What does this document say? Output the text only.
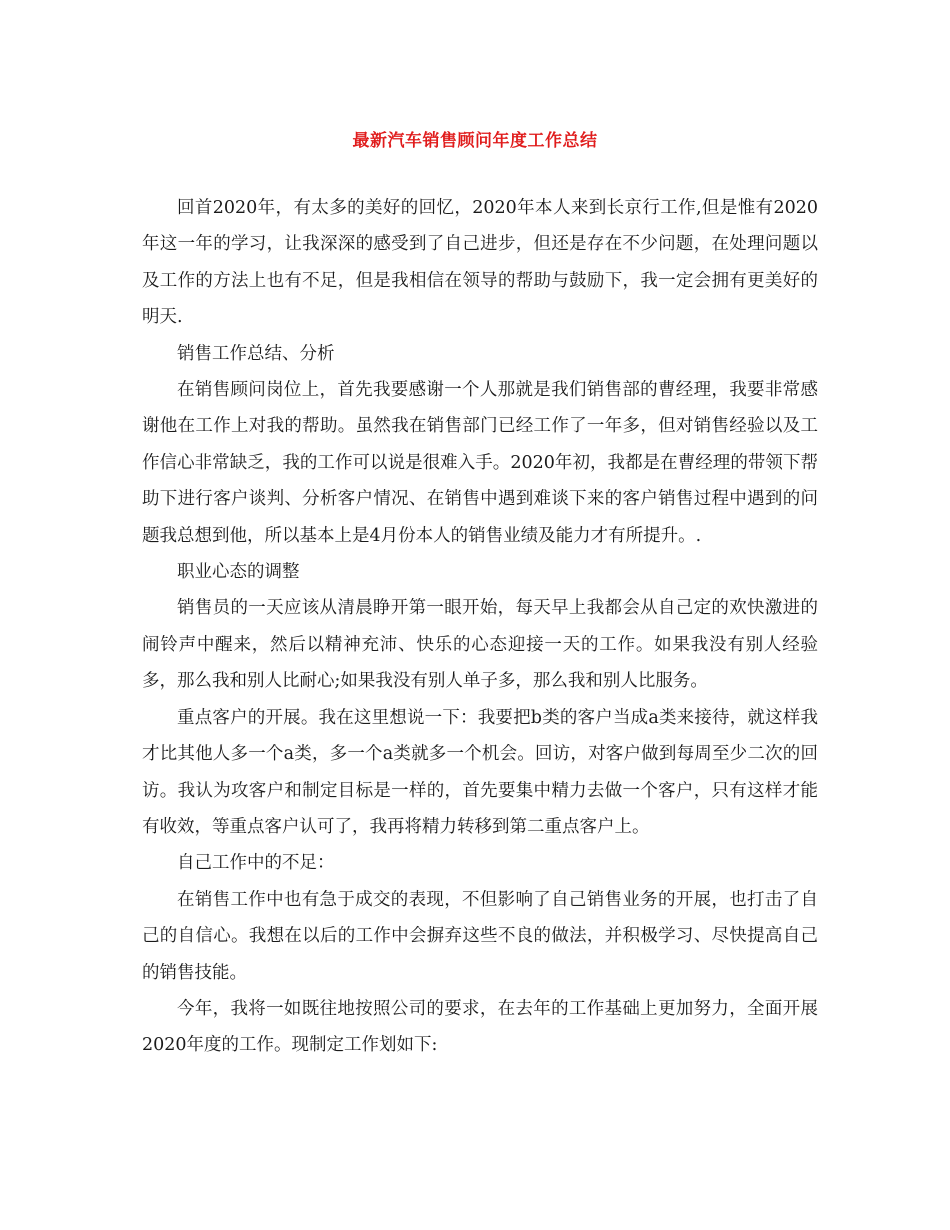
最新汽车销售顾问年度工作总结

回首2020年，有太多的美好的回忆，2020年本人来到长京行工作,但是惟有2020年这一年的学习，让我深深的感受到了自己进步，但还是存在不少问题，在处理问题以及工作的方法上也有不足，但是我相信在领导的帮助与鼓励下，我一定会拥有更美好的明天.

销售工作总结、分析

在销售顾问岗位上，首先我要感谢一个人那就是我们销售部的曹经理，我要非常感谢他在工作上对我的帮助。虽然我在销售部门已经工作了一年多，但对销售经验以及工作信心非常缺乏，我的工作可以说是很难入手。2020年初，我都是在曹经理的带领下帮助下进行客户谈判、分析客户情况、在销售中遇到难谈下来的客户销售过程中遇到的问题我总想到他，所以基本上是4月份本人的销售业绩及能力才有所提升。.

职业心态的调整

销售员的一天应该从清晨睁开第一眼开始，每天早上我都会从自己定的欢快激进的闹铃声中醒来，然后以精神充沛、快乐的心态迎接一天的工作。如果我没有别人经验多，那么我和别人比耐心;如果我没有别人单子多，那么我和别人比服务。

重点客户的开展。我在这里想说一下：我要把b类的客户当成a类来接待，就这样我才比其他人多一个a类，多一个a类就多一个机会。回访，对客户做到每周至少二次的回访。我认为攻客户和制定目标是一样的，首先要集中精力去做一个客户，只有这样才能有收效，等重点客户认可了，我再将精力转移到第二重点客户上。

自己工作中的不足：

在销售工作中也有急于成交的表现，不但影响了自己销售业务的开展，也打击了自己的自信心。我想在以后的工作中会摒弃这些不良的做法，并积极学习、尽快提高自己的销售技能。

今年，我将一如既往地按照公司的要求，在去年的工作基础上更加努力，全面开展2020年度的工作。现制定工作划如下:
